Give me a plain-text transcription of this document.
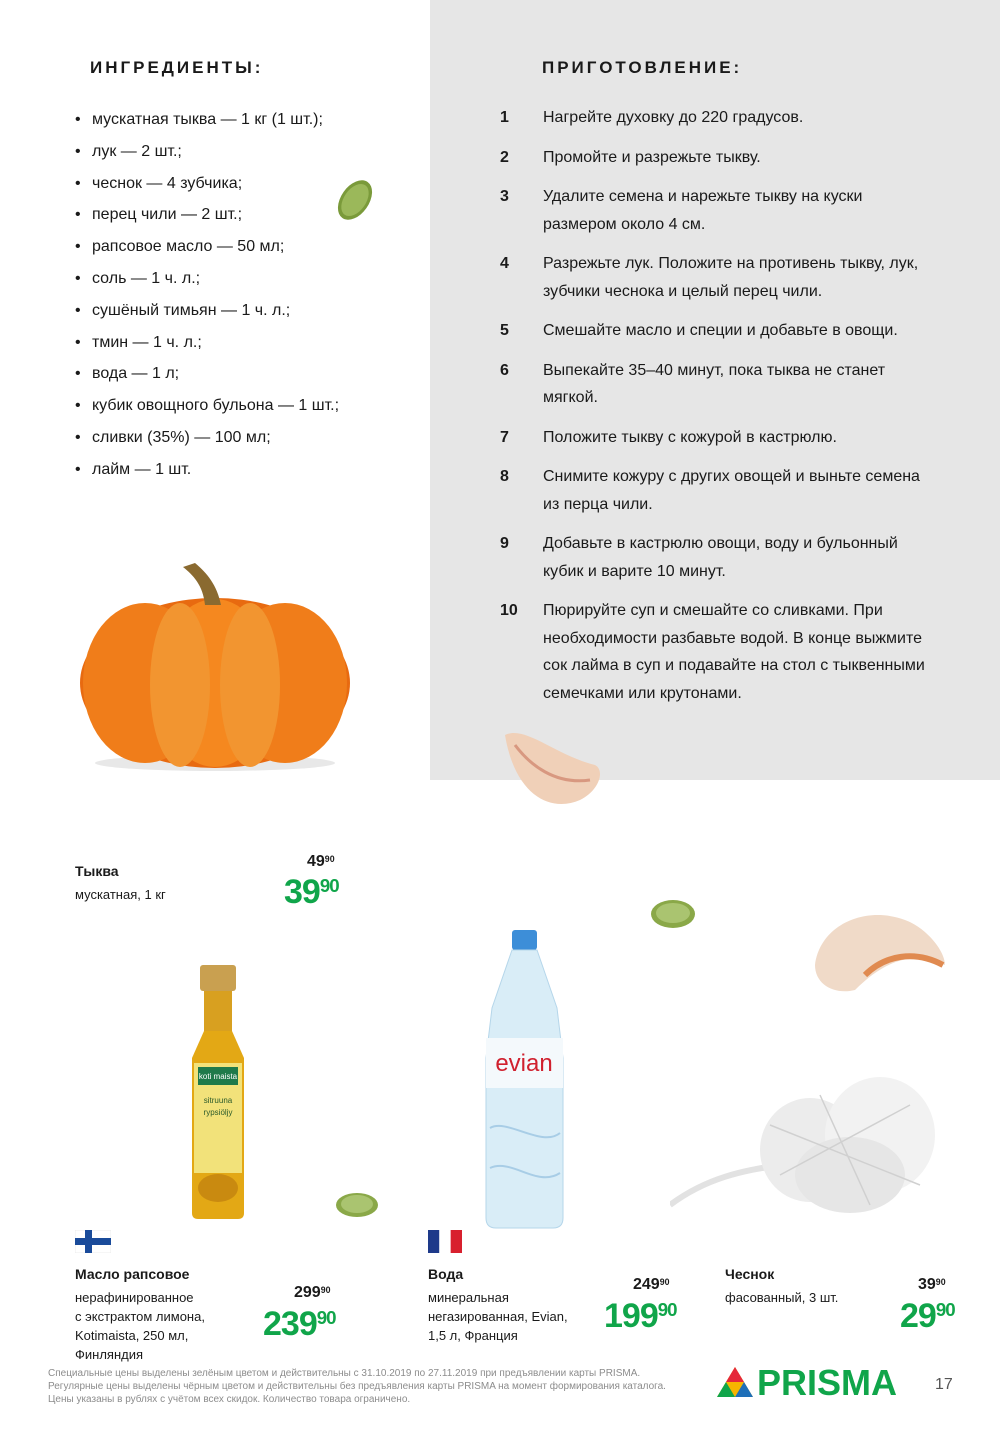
ИНГРЕДИЕНТЫ:
• мускатная тыква — 1 кг (1 шт.);
• лук — 2 шт.;
• чеснок — 4 зубчика;
• перец чили — 2 шт.;
• рапсовое масло — 50 мл;
• соль — 1 ч. л.;
• сушёный тимьян — 1 ч. л.;
• тмин — 1 ч. л.;
• вода — 1 л;
• кубик овощного бульона — 1 шт.;
• сливки (35%) — 100 мл;
• лайм — 1 шт.
ПРИГОТОВЛЕНИЕ:
1	Нагрейте духовку до 220 градусов.
2	Промойте и разрежьте тыкву.
3	Удалите семена и нарежьте тыкву на куски размером около 4 см.
4	Разрежьте лук. Положите на противень тыкву, лук, зубчики чеснока и целый перец чили.
5	Смешайте масло и специи и добавьте в овощи.
6	Выпекайте 35–40 минут, пока тыква не станет мягкой.
7	Положите тыкву с кожурой в кастрюлю.
8	Снимите кожуру с других овощей и выньте семена из перца чили.
9	Добавьте в кастрюлю овощи, воду и бульонный кубик и варите 10 минут.
10	Пюрируйте суп и смешайте со сливками. При необходимости разбавьте водой. В конце выжмите сок лайма в суп и подавайте на стол с тыквенными семечками или крутонами.
Тыква
мускатная, 1 кг
$49^{90}$
$39^{90}$
koti maista
sitruuna
rypsiöljy
Масло рапсовое
нерафинированное
с экстрактом лимона,
Kotimaista, 250 мл,
Финляндия
$299^{90}$
$239^{90}$
evian
Вода
минеральная
негазированная, Evian,
1,5 л, Франция
$249^{90}$
$199^{90}$
Чеснок
фасованный, 3 шт.
$39^{90}$
$29^{90}$
Специальные цены выделены зелёным цветом и действительны с 31.10.2019 по 27.11.2019 при предъявлении карты PRISMA.
Регулярные цены выделены чёрным цветом и действительны без предъявления карты PRISMA на момент формирования каталога.
Цены указаны в рублях с учётом всех скидок. Количество товара ограничено.	PRISMA 17
